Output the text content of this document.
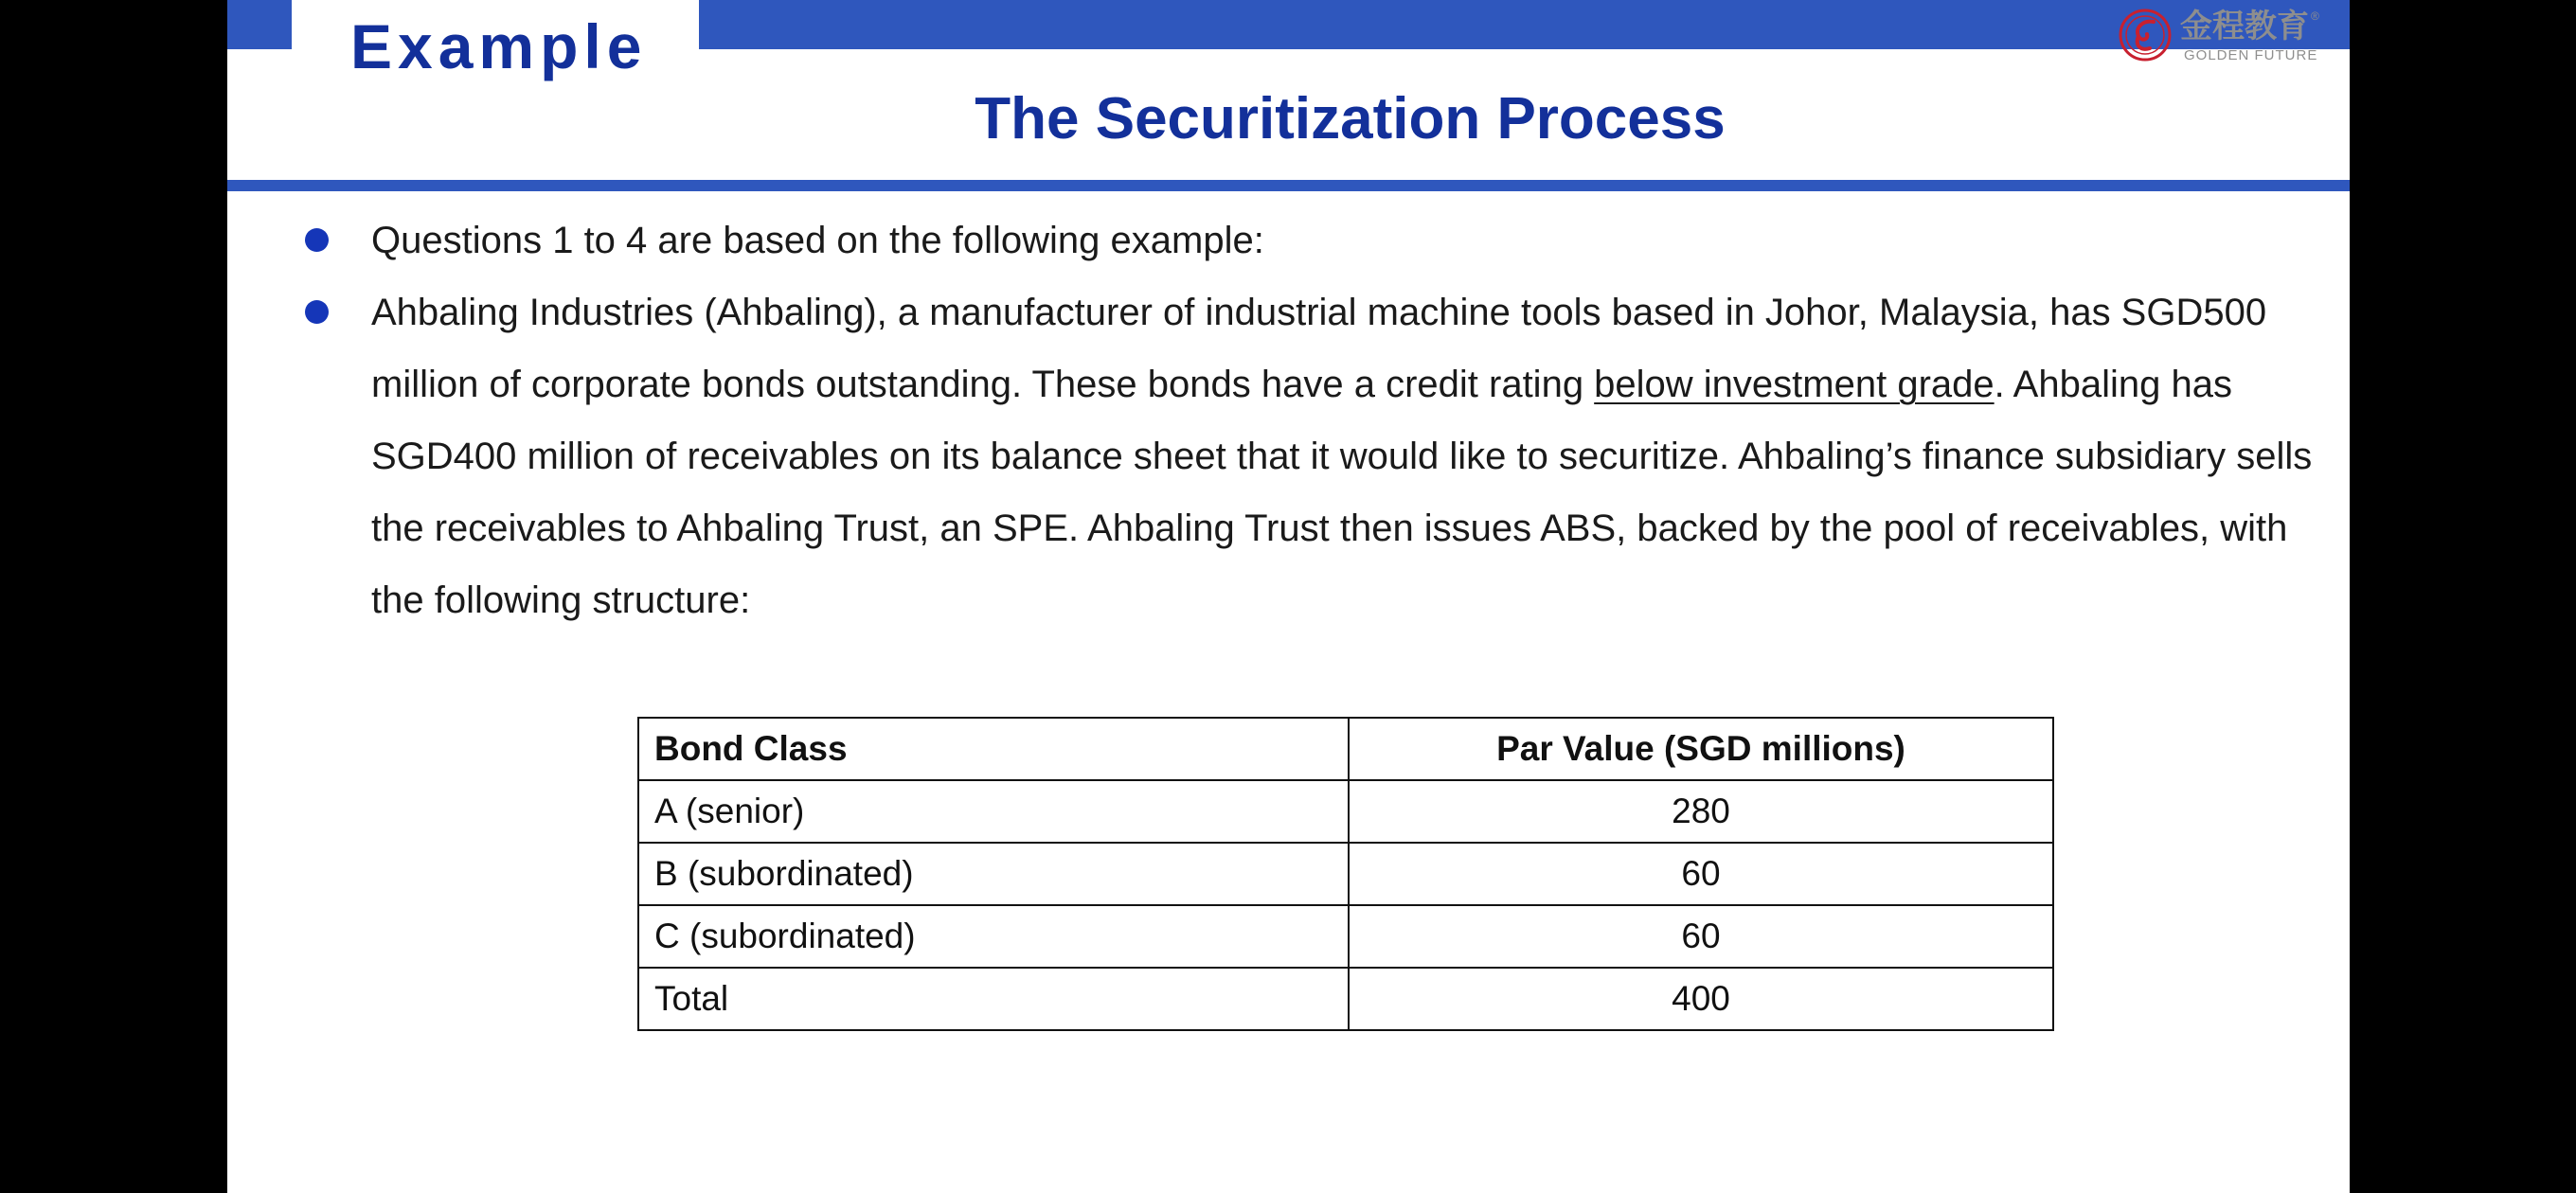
Example	金程教育 ®
GOLDEN FUTURE
The Securitization Process
Questions 1 to 4 are based on the following example:
Ahbaling Industries (Ahbaling), a manufacturer of industrial machine tools based in Johor, Malaysia, has SGD500 million of corporate bonds outstanding. These bonds have a credit rating below investment grade. Ahbaling has SGD400 million of receivables on its balance sheet that it would like to securitize. Ahbaling’s finance subsidiary sells the receivables to Ahbaling Trust, an SPE. Ahbaling Trust then issues ABS, backed by the pool of receivables, with the following structure:
Bond Class	Par Value (SGD millions)
A (senior)	280
B (subordinated)	60
C (subordinated)	60
Total	400
